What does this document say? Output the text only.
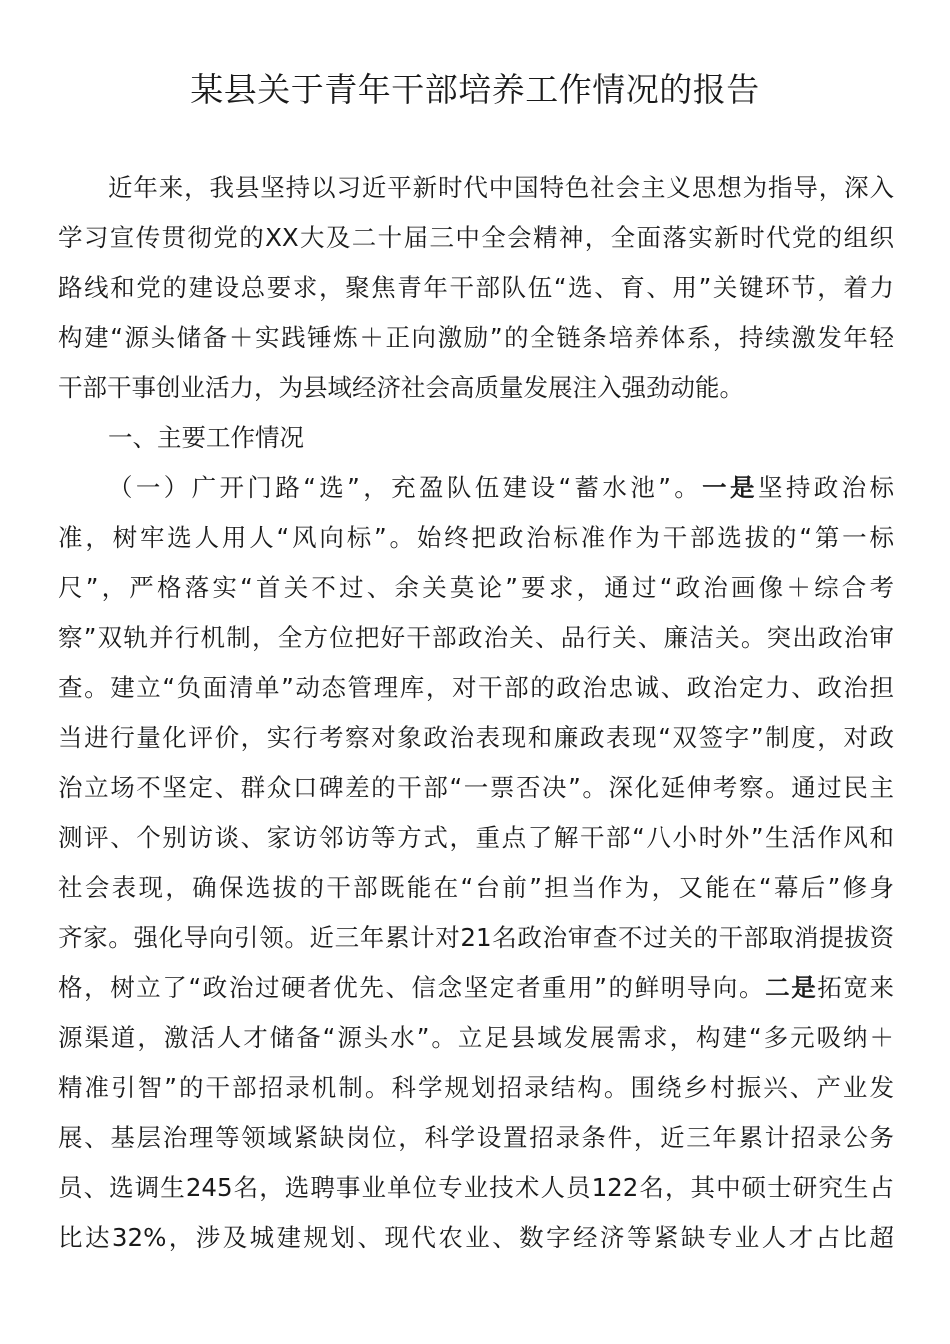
某县关于青年干部培养工作情况的报告

近年来，我县坚持以习近平新时代中国特色社会主义思想为指导，深入
学习宣传贯彻党的XX大及二十届三中全会精神，全面落实新时代党的组织
路线和党的建设总要求，聚焦青年干部队伍“选、育、用”关键环节，着力
构建“源头储备＋实践锤炼＋正向激励”的全链条培养体系，持续激发年轻
干部干事创业活力，为县域经济社会高质量发展注入强劲动能。

一、主要工作情况

（一）广开门路“选”，充盈队伍建设“蓄水池”。一是坚持政治标
准，树牢选人用人“风向标”。始终把政治标准作为干部选拔的“第一标
尺”，严格落实“首关不过、余关莫论”要求，通过“政治画像＋综合考
察”双轨并行机制，全方位把好干部政治关、品行关、廉洁关。突出政治审
查。建立“负面清单”动态管理库，对干部的政治忠诚、政治定力、政治担
当进行量化评价，实行考察对象政治表现和廉政表现“双签字”制度，对政
治立场不坚定、群众口碑差的干部“一票否决”。深化延伸考察。通过民主
测评、个别访谈、家访邻访等方式，重点了解干部“八小时外”生活作风和
社会表现，确保选拔的干部既能在“台前”担当作为，又能在“幕后”修身
齐家。强化导向引领。近三年累计对21名政治审查不过关的干部取消提拔资
格，树立了“政治过硬者优先、信念坚定者重用”的鲜明导向。二是拓宽来
源渠道，激活人才储备“源头水”。立足县域发展需求，构建“多元吸纳＋
精准引智”的干部招录机制。科学规划招录结构。围绕乡村振兴、产业发
展、基层治理等领域紧缺岗位，科学设置招录条件，近三年累计招录公务
员、选调生245名，选聘事业单位专业技术人员122名，其中硕士研究生占
比达32%，涉及城建规划、现代农业、数字经济等紧缺专业人才占比超
